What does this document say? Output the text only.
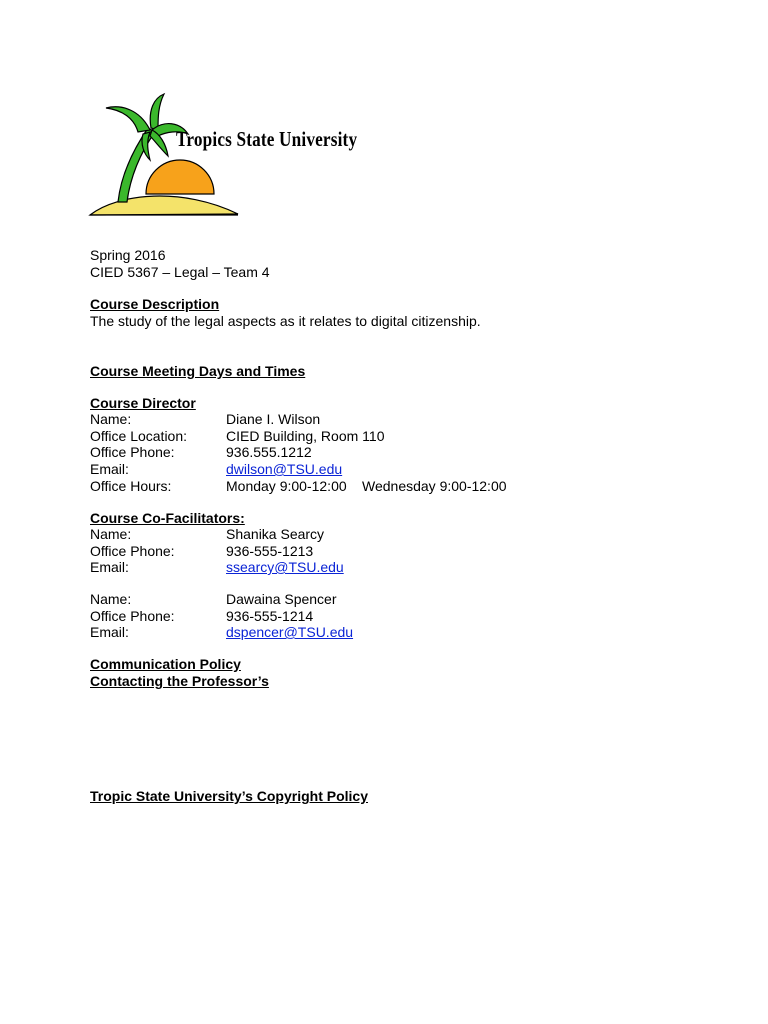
Tropics State University
Spring 2016
CIED 5367 – Legal – Team 4
Course Description
The study of the legal aspects as it relates to digital citizenship.
Course Meeting Days and Times
Course Director
Name:	Diane I. Wilson
Office Location:	CIED Building, Room 110
Office Phone:	936.555.1212
Email:	dwilson@TSU.edu
Office Hours:	Monday 9:00-12:00 Wednesday 9:00-12:00
Course Co-Facilitators:
Name:	Shanika Searcy
Office Phone:	936-555-1213
Email:	ssearcy@TSU.edu
Name:	Dawaina Spencer
Office Phone:	936-555-1214
Email:	dspencer@TSU.edu
Communication Policy
Contacting the Professor’s
Tropic State University’s Copyright Policy
